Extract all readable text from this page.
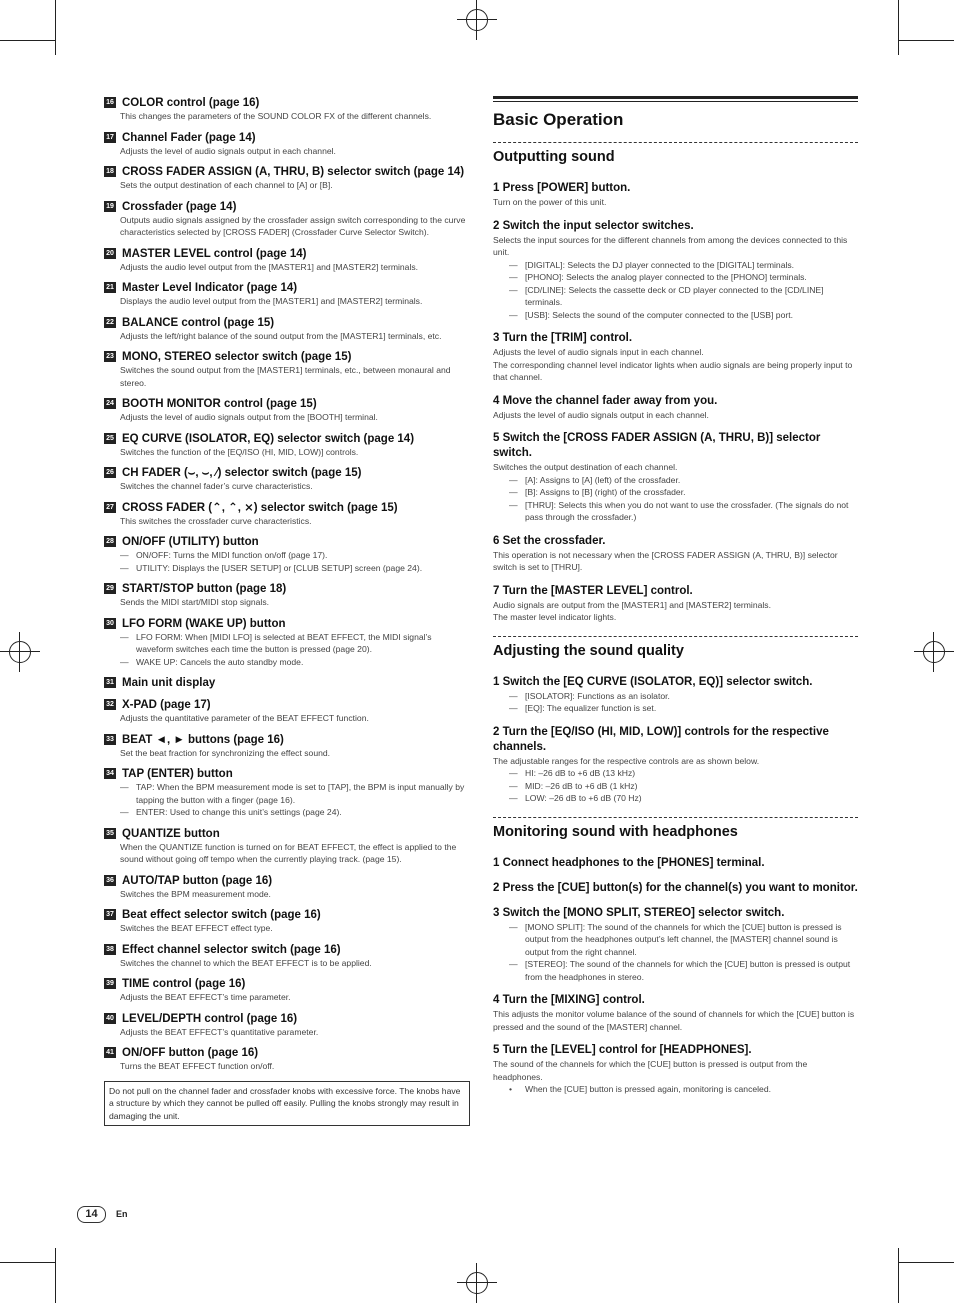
16 COLOR control (page 16)
This changes the parameters of the SOUND COLOR FX of the different channels.
17 Channel Fader (page 14)
Adjusts the level of audio signals output in each channel.
18 CROSS FADER ASSIGN (A, THRU, B) selector switch (page 14)
Sets the output destination of each channel to [A] or [B].
19 Crossfader (page 14)
Outputs audio signals assigned by the crossfader assign switch corresponding to the curve characteristics selected by [CROSS FADER] (Crossfader Curve Selector Switch).
20 MASTER LEVEL control (page 14)
Adjusts the audio level output from the [MASTER1] and [MASTER2] terminals.
21 Master Level Indicator (page 14)
Displays the audio level output from the [MASTER1] and [MASTER2] terminals.
22 BALANCE control (page 15)
Adjusts the left/right balance of the sound output from the [MASTER1] terminals, etc.
23 MONO, STEREO selector switch (page 15)
Switches the sound output from the [MASTER1] terminals, etc., between monaural and stereo.
24 BOOTH MONITOR control (page 15)
Adjusts the level of audio signals output from the [BOOTH] terminal.
25 EQ CURVE (ISOLATOR, EQ) selector switch (page 14)
Switches the function of the [EQ/ISO (HI, MID, LOW)] controls.
26 CH FADER (⌣, ⌣, ⁄) selector switch (page 15)
Switches the channel fader’s curve characteristics.
27 CROSS FADER (⌃, ⌃, ⨯) selector switch (page 15)
This switches the crossfader curve characteristics.
28 ON/OFF (UTILITY) button
— ON/OFF: Turns the MIDI function on/off (page 17).
— UTILITY: Displays the [USER SETUP] or [CLUB SETUP] screen (page 24).
29 START/STOP button (page 18)
Sends the MIDI start/MIDI stop signals.
30 LFO FORM (WAKE UP) button
— LFO FORM: When [MIDI LFO] is selected at BEAT EFFECT, the MIDI signal’s waveform switches each time the button is pressed (page 20).
— WAKE UP: Cancels the auto standby mode.
31 Main unit display
32 X-PAD (page 17)
Adjusts the quantitative parameter of the BEAT EFFECT function.
33 BEAT ◄, ► buttons (page 16)
Set the beat fraction for synchronizing the effect sound.
34 TAP (ENTER) button
— TAP: When the BPM measurement mode is set to [TAP], the BPM is input manually by tapping the button with a finger (page 16).
— ENTER: Used to change this unit’s settings (page 24).
35 QUANTIZE button
When the QUANTIZE function is turned on for BEAT EFFECT, the effect is applied to the sound without going off tempo when the currently playing track. (page 15).
36 AUTO/TAP button (page 16)
Switches the BPM measurement mode.
37 Beat effect selector switch (page 16)
Switches the BEAT EFFECT effect type.
38 Effect channel selector switch (page 16)
Switches the channel to which the BEAT EFFECT is to be applied.
39 TIME control (page 16)
Adjusts the BEAT EFFECT’s time parameter.
40 LEVEL/DEPTH control (page 16)
Adjusts the BEAT EFFECT’s quantitative parameter.
41 ON/OFF button (page 16)
Turns the BEAT EFFECT function on/off.
Do not pull on the channel fader and crossfader knobs with excessive force. The knobs have a structure by which they cannot be pulled off easily. Pulling the knobs strongly may result in damaging the unit.
Basic Operation
Outputting sound
1 Press [POWER] button.
Turn on the power of this unit.
2 Switch the input selector switches.
Selects the input sources for the different channels from among the devices connected to this unit.
— [DIGITAL]: Selects the DJ player connected to the [DIGITAL] terminals.
— [PHONO]: Selects the analog player connected to the [PHONO] terminals.
— [CD/LINE]: Selects the cassette deck or CD player connected to the [CD/LINE] terminals.
— [USB]: Selects the sound of the computer connected to the [USB] port.
3 Turn the [TRIM] control.
Adjusts the level of audio signals input in each channel.
The corresponding channel level indicator lights when audio signals are being properly input to that channel.
4 Move the channel fader away from you.
Adjusts the level of audio signals output in each channel.
5 Switch the [CROSS FADER ASSIGN (A, THRU, B)] selector switch.
Switches the output destination of each channel.
— [A]: Assigns to [A] (left) of the crossfader.
— [B]: Assigns to [B] (right) of the crossfader.
— [THRU]: Selects this when you do not want to use the crossfader. (The signals do not pass through the crossfader.)
6 Set the crossfader.
This operation is not necessary when the [CROSS FADER ASSIGN (A, THRU, B)] selector switch is set to [THRU].
7 Turn the [MASTER LEVEL] control.
Audio signals are output from the [MASTER1] and [MASTER2] terminals.
The master level indicator lights.
Adjusting the sound quality
1 Switch the [EQ CURVE (ISOLATOR, EQ)] selector switch.
— [ISOLATOR]: Functions as an isolator.
— [EQ]: The equalizer function is set.
2 Turn the [EQ/ISO (HI, MID, LOW)] controls for the respective channels.
The adjustable ranges for the respective controls are as shown below.
— HI: –26 dB to +6 dB (13 kHz)
— MID: –26 dB to +6 dB (1 kHz)
— LOW: –26 dB to +6 dB (70 Hz)
Monitoring sound with headphones
1 Connect headphones to the [PHONES] terminal.
2 Press the [CUE] button(s) for the channel(s) you want to monitor.
3 Switch the [MONO SPLIT, STEREO] selector switch.
— [MONO SPLIT]: The sound of the channels for which the [CUE] button is pressed is output from the headphones output’s left channel, the [MASTER] channel sound is output from the right channel.
— [STEREO]: The sound of the channels for which the [CUE] button is pressed is output from the headphones in stereo.
4 Turn the [MIXING] control.
This adjusts the monitor volume balance of the sound of channels for which the [CUE] button is pressed and the sound of the [MASTER] channel.
5 Turn the [LEVEL] control for [HEADPHONES].
The sound of the channels for which the [CUE] button is pressed is output from the headphones.
•	When the [CUE] button is pressed again, monitoring is canceled.
14	En
